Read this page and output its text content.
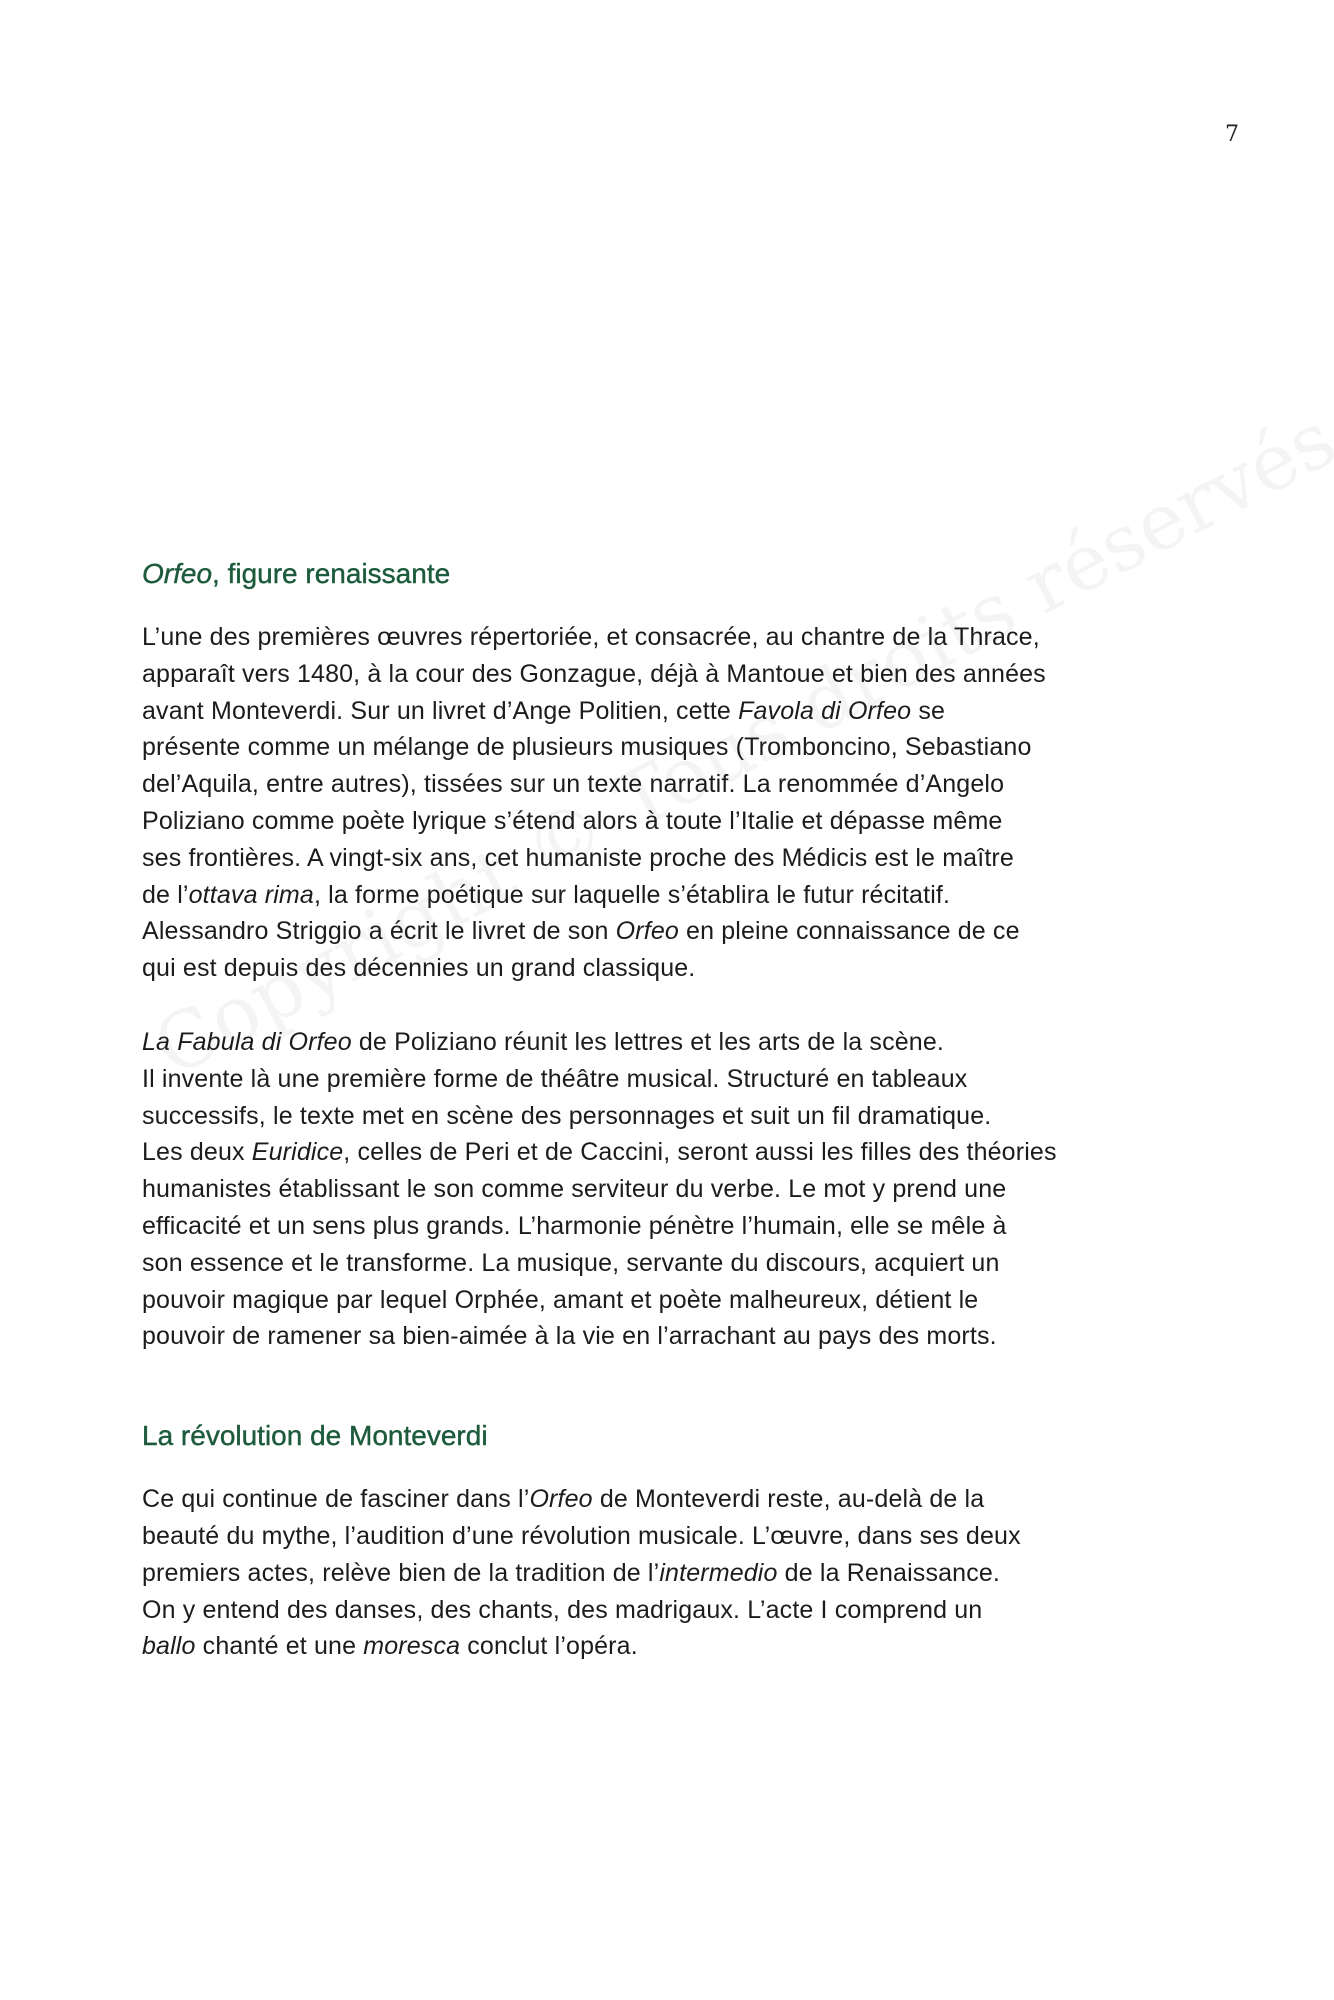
7
Orfeo, figure renaissante

L’une des premières œuvres répertoriée, et consacrée, au chantre de la Thrace,

apparaît vers 1480, à la cour des Gonzague, déjà à Mantoue et bien des années

avant Monteverdi. Sur un livret d’Ange Politien, cette Favola di Orfeo se

présente comme un mélange de plusieurs musiques (Tromboncino, Sebastiano

del’Aquila, entre autres), tissées sur un texte narratif. La renommée d’Angelo

Poliziano comme poète lyrique s’étend alors à toute l’Italie et dépasse même

ses frontières. A vingt-six ans, cet humaniste proche des Médicis est le maître

de l’ottava rima, la forme poétique sur laquelle s’établira le futur récitatif.

Alessandro Striggio a écrit le livret de son Orfeo en pleine connaissance de ce

qui est depuis des décennies un grand classique.

La Fabula di Orfeo de Poliziano réunit les lettres et les arts de la scène.

Il invente là une première forme de théâtre musical. Structuré en tableaux

successifs, le texte met en scène des personnages et suit un fil dramatique.

Les deux Euridice, celles de Peri et de Caccini, seront aussi les filles des théories

humanistes établissant le son comme serviteur du verbe. Le mot y prend une

efficacité et un sens plus grands. L’harmonie pénètre l’humain, elle se mêle à

son essence et le transforme. La musique, servante du discours, acquiert un

pouvoir magique par lequel Orphée, amant et poète malheureux, détient le

pouvoir de ramener sa bien-aimée à la vie en l’arrachant au pays des morts.

La révolution de Monteverdi

Ce qui continue de fasciner dans l’Orfeo de Monteverdi reste, au-delà de la

beauté du mythe, l’audition d’une révolution musicale. L’œuvre, dans ses deux

premiers actes, relève bien de la tradition de l’intermedio de la Renaissance.

On y entend des danses, des chants, des madrigaux. L’acte I comprend un

ballo chanté et une moresca conclut l’opéra.
